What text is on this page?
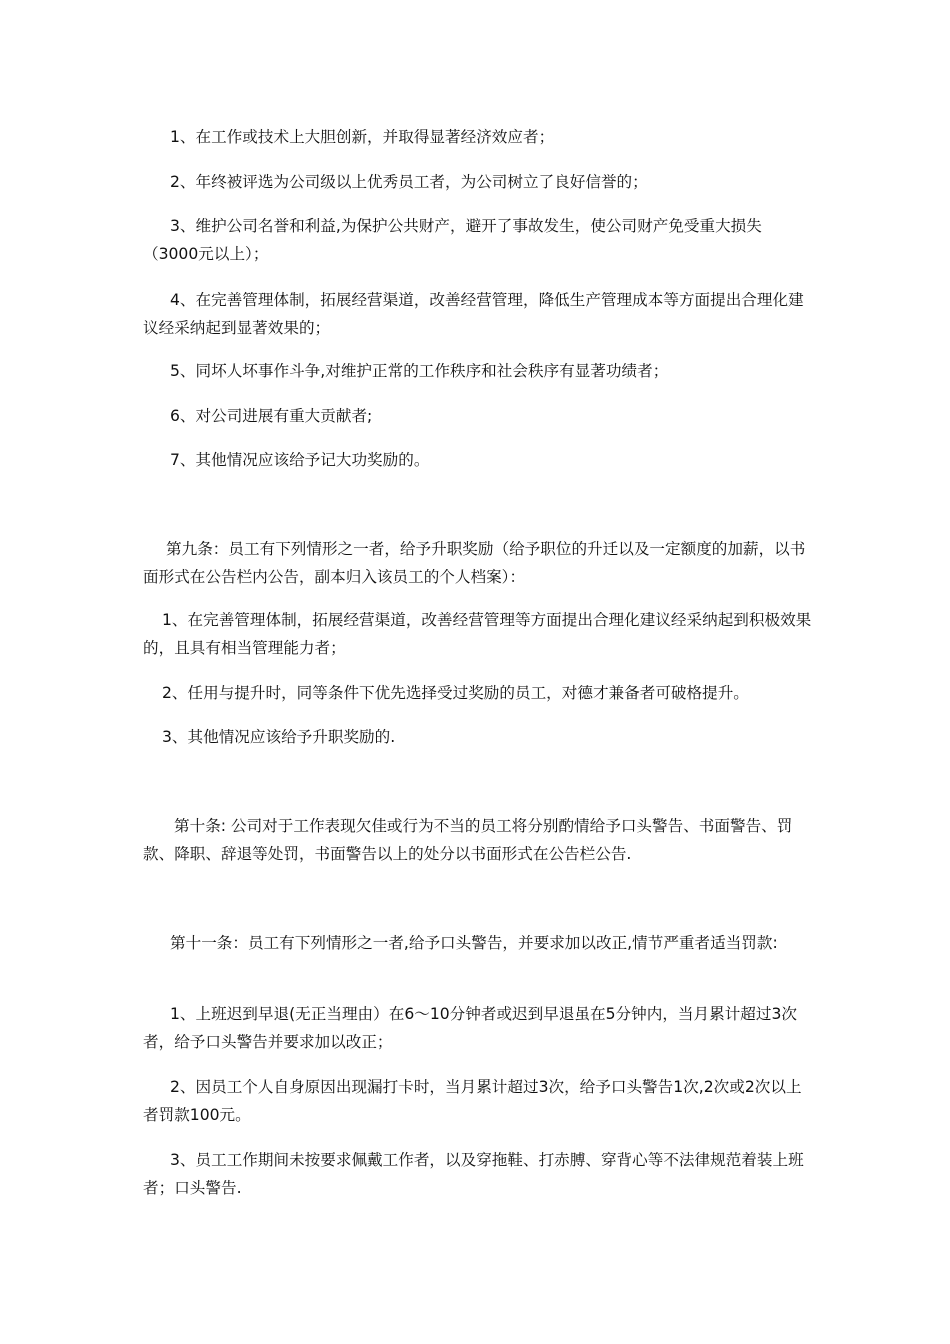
1、在工作或技术上大胆创新，并取得显著经济效应者；

2、年终被评选为公司级以上优秀员工者，为公司树立了良好信誉的；

3、维护公司名誉和利益,为保护公共财产，避开了事故发生，使公司财产免受重大损失（3000元以上）；

4、在完善管理体制，拓展经营渠道，改善经营管理，降低生产管理成本等方面提出合理化建议经采纳起到显著效果的；

5、同坏人坏事作斗争,对维护正常的工作秩序和社会秩序有显著功绩者；

6、对公司进展有重大贡献者;

7、其他情况应该给予记大功奖励的。

第九条：员工有下列情形之一者，给予升职奖励（给予职位的升迁以及一定额度的加薪，以书面形式在公告栏内公告，副本归入该员工的个人档案）：

1、在完善管理体制，拓展经营渠道，改善经营管理等方面提出合理化建议经采纳起到积极效果的，且具有相当管理能力者；

2、任用与提升时，同等条件下优先选择受过奖励的员工，对德才兼备者可破格提升。

3、其他情况应该给予升职奖励的.

第十条: 公司对于工作表现欠佳或行为不当的员工将分别酌情给予口头警告、书面警告、罚款、降职、辞退等处罚，书面警告以上的处分以书面形式在公告栏公告.

第十一条：员工有下列情形之一者,给予口头警告，并要求加以改正,情节严重者适当罚款:

1、上班迟到早退(无正当理由）在6～10分钟者或迟到早退虽在5分钟内，当月累计超过3次者，给予口头警告并要求加以改正；

2、因员工个人自身原因出现漏打卡时，当月累计超过3次，给予口头警告1次,2次或2次以上者罚款100元。

3、员工工作期间未按要求佩戴工作者，以及穿拖鞋、打赤膊、穿背心等不法律规范着装上班者；口头警告.
